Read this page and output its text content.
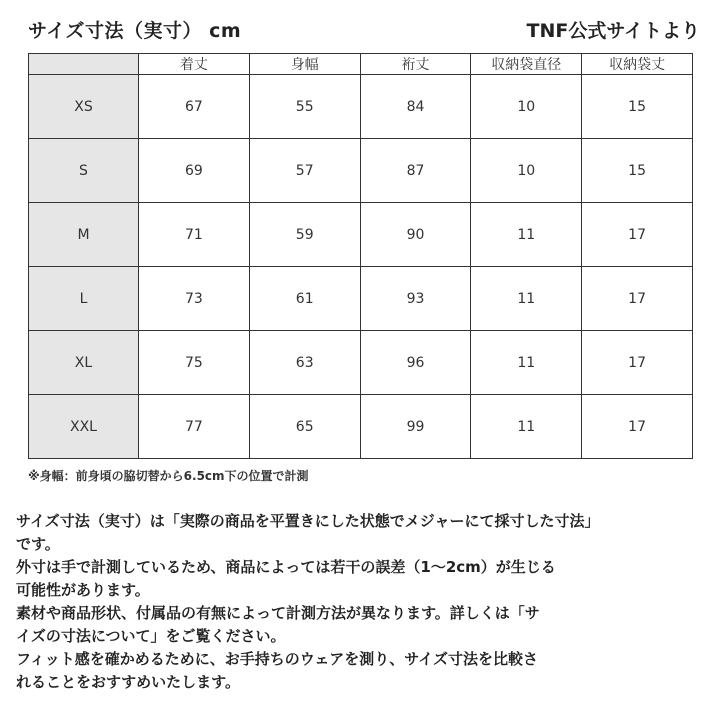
サイズ寸法（実寸） cm	TNF公式サイトより
	着丈	身幅	裄丈	収納袋直径	収納袋丈
XS	67	55	84	10	15
S	69	57	87	10	15
M	71	59	90	11	17
L	73	61	93	11	17
XL	75	63	96	11	17
XXL	77	65	99	11	17
※身幅：前身頃の脇切替から6.5cm下の位置で計測

サイズ寸法（実寸）は「実際の商品を平置きにした状態でメジャーにて採寸した寸法」
です。
外寸は手で計測しているため、商品によっては若干の誤差（1〜2cm）が生じる
可能性があります。
素材や商品形状、付属品の有無によって計測方法が異なります。詳しくは「サ
イズの寸法について」をご覧ください。
フィット感を確かめるために、お手持ちのウェアを測り、サイズ寸法を比較さ
れることをおすすめいたします。
